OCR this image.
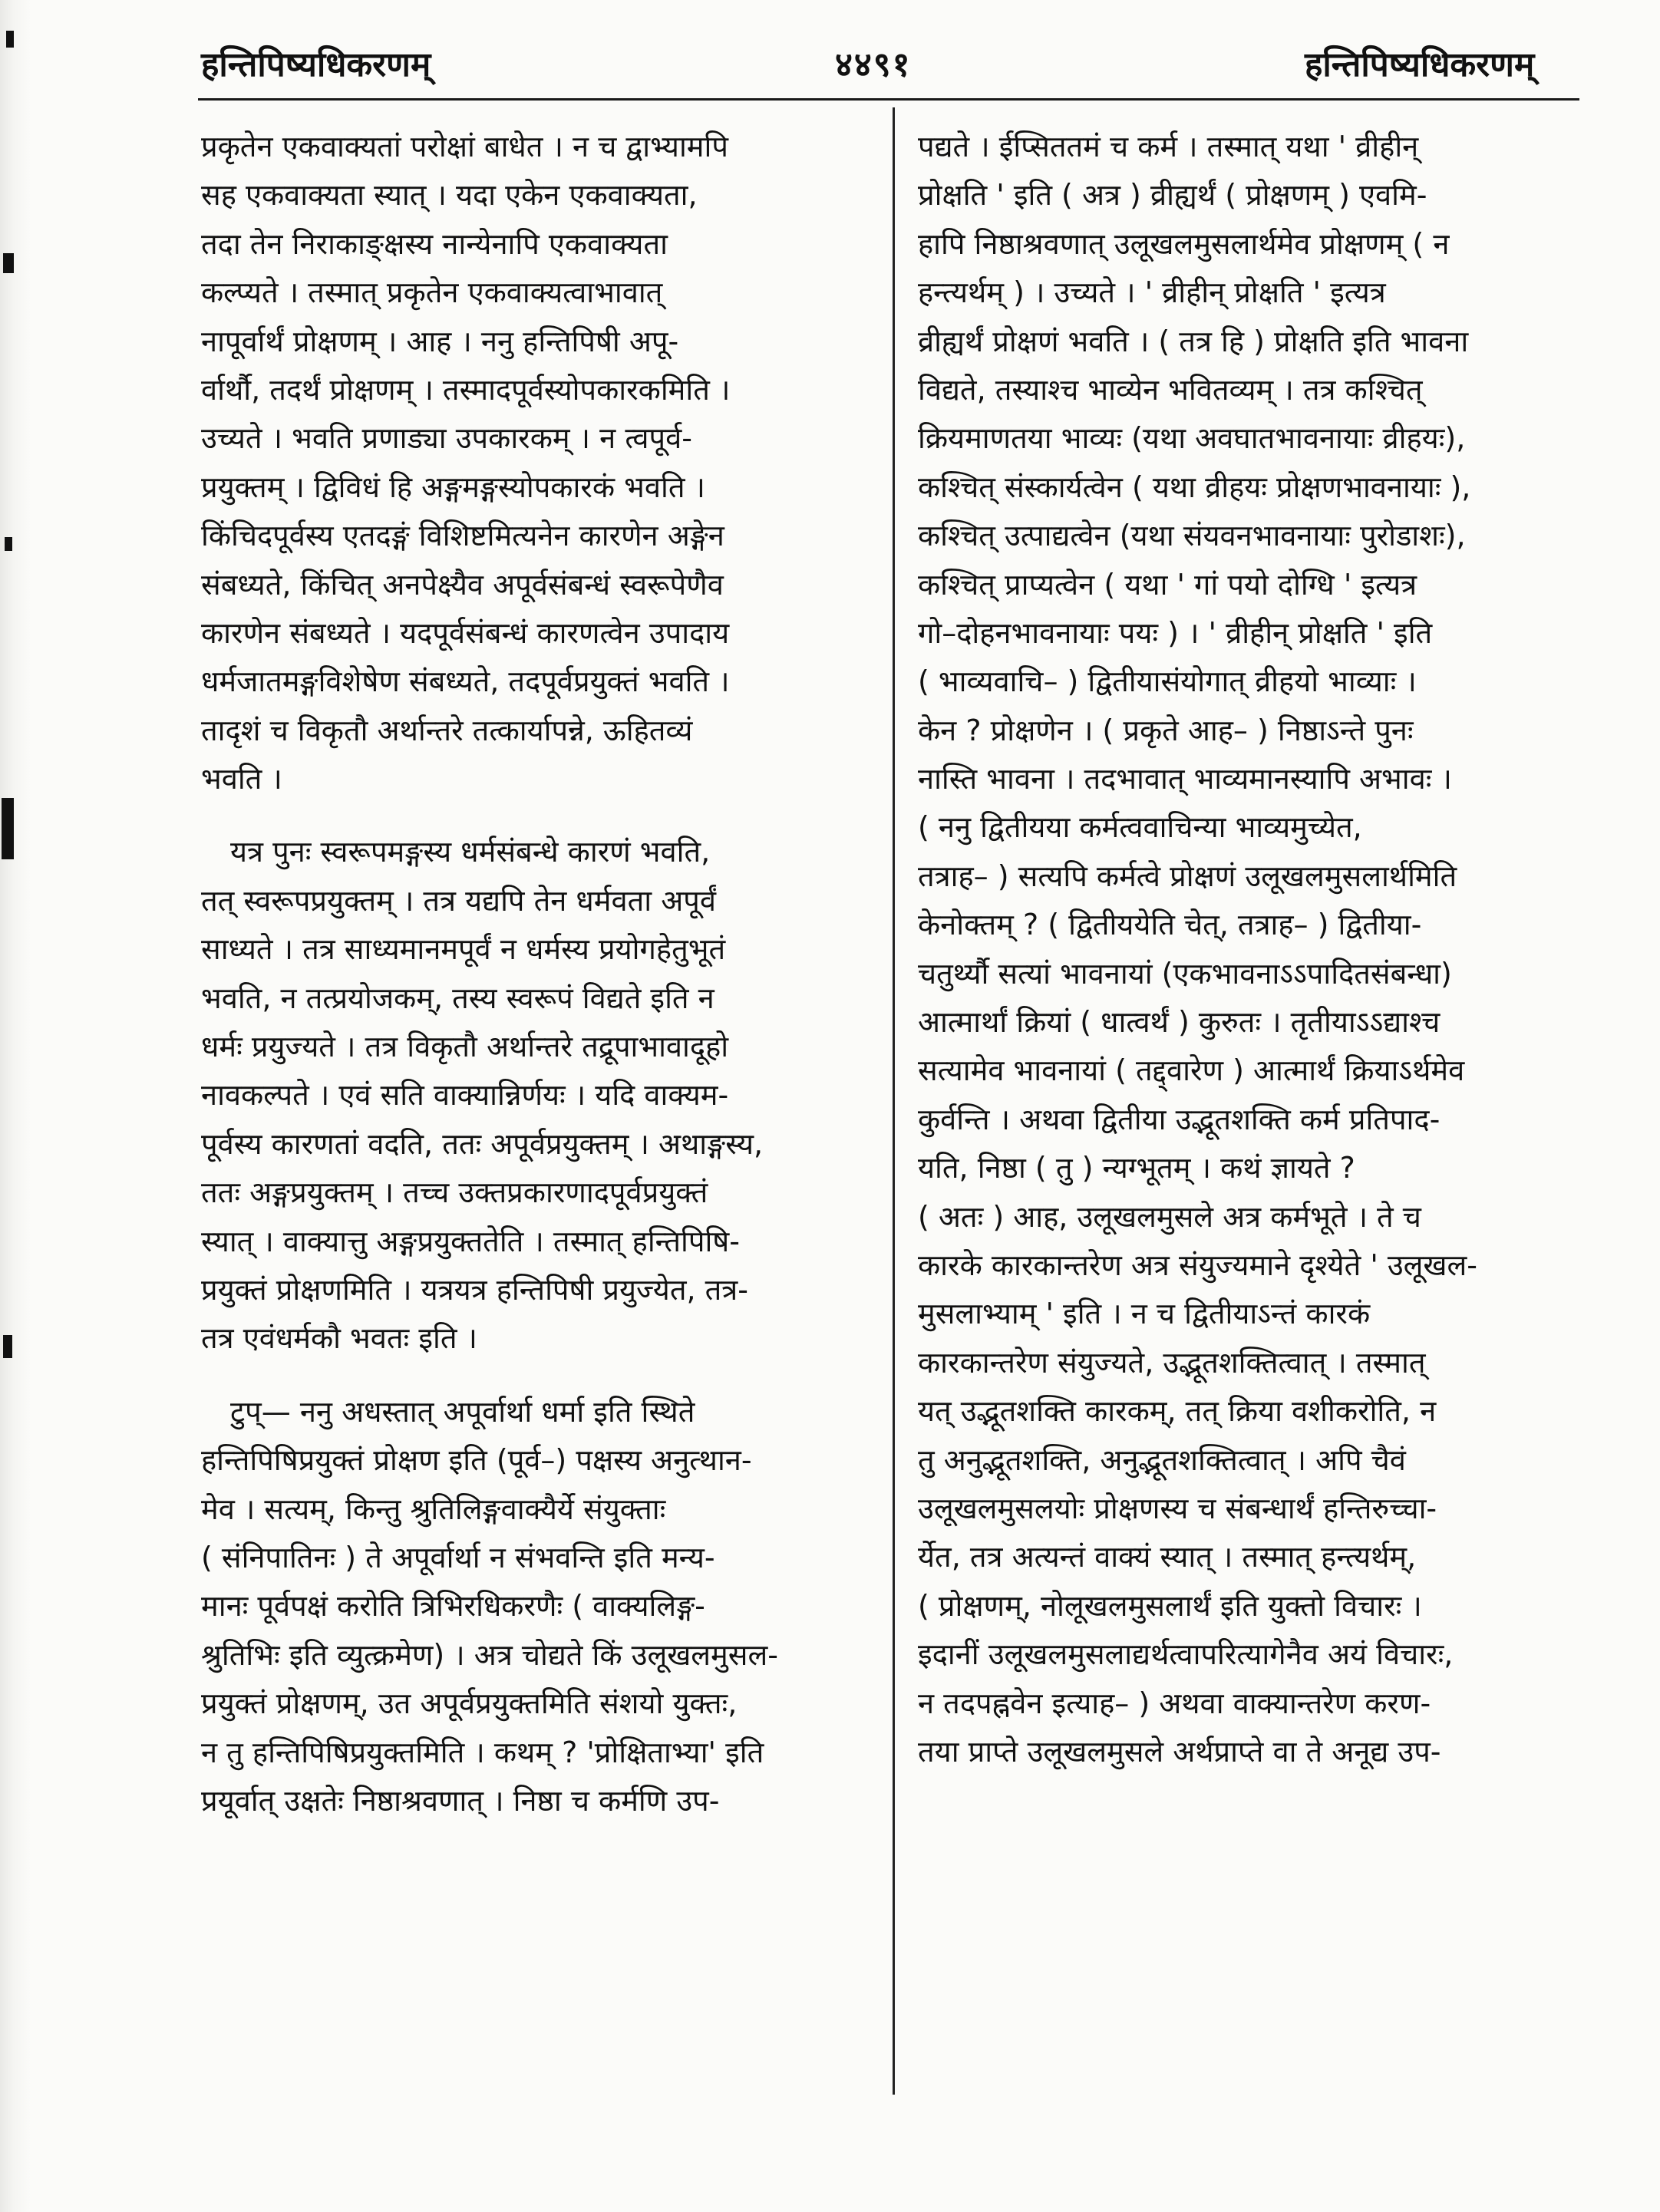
हन्तिपिष्यधिकरणम्	४४९१	हन्तिपिष्यधिकरणम्
प्रकृतेन एकवाक्यतां परोक्षां बाधेत । न च द्वाभ्यामपि
सह एकवाक्यता स्यात् । यदा एकेन एकवाक्यता,
तदा तेन निराकाङ्क्षस्य नान्येनापि एकवाक्यता
कल्प्यते । तस्मात् प्रकृतेन एकवाक्यत्वाभावात्
नापूर्वार्थं प्रोक्षणम् । आह । ननु हन्तिपिषी अपू-
र्वार्थौ, तदर्थं प्रोक्षणम् । तस्मादपूर्वस्योपकारकमिति ।
उच्यते । भवति प्रणाड्या उपकारकम् । न त्वपूर्व-
प्रयुक्तम् । द्विविधं हि अङ्गमङ्गस्योपकारकं भवति ।
किंचिदपूर्वस्य एतदङ्गं विशिष्टमित्यनेन कारणेन अङ्गेन
संबध्यते, किंचित् अनपेक्ष्यैव अपूर्वसंबन्धं स्वरूपेणैव
कारणेन संबध्यते । यदपूर्वसंबन्धं कारणत्वेन उपादाय
धर्मजातमङ्गविशेषेण संबध्यते, तदपूर्वप्रयुक्तं भवति ।
तादृशं च विकृतौ अर्थान्तरे तत्कार्यापन्ने, ऊहितव्यं
भवति ।
यत्र पुनः स्वरूपमङ्गस्य धर्मसंबन्धे कारणं भवति,
तत् स्वरूपप्रयुक्तम् । तत्र यद्यपि तेन धर्मवता अपूर्वं
साध्यते । तत्र साध्यमानमपूर्वं न धर्मस्य प्रयोगहेतुभूतं
भवति, न तत्प्रयोजकम्, तस्य स्वरूपं विद्यते इति न
धर्मः प्रयुज्यते । तत्र विकृतौ अर्थान्तरे तद्रूपाभावादूहो
नावकल्पते । एवं सति वाक्यान्निर्णयः । यदि वाक्यम-
पूर्वस्य कारणतां वदति, ततः अपूर्वप्रयुक्तम् । अथाङ्गस्य,
ततः अङ्गप्रयुक्तम् । तच्च उक्तप्रकारणादपूर्वप्रयुक्तं
स्यात् । वाक्यात्तु अङ्गप्रयुक्ततेति । तस्मात् हन्तिपिषि-
प्रयुक्तं प्रोक्षणमिति । यत्रयत्र हन्तिपिषी प्रयुज्येत, तत्र-
तत्र एवंधर्मकौ भवतः इति ।
टुप्— ननु अधस्तात् अपूर्वार्था धर्मा इति स्थिते
हन्तिपिषिप्रयुक्तं प्रोक्षण इति (पूर्व–) पक्षस्य अनुत्थान-
मेव । सत्यम्, किन्तु श्रुतिलिङ्गवाक्यैर्ये संयुक्ताः
( संनिपातिनः ) ते अपूर्वार्था न संभवन्ति इति मन्य-
मानः पूर्वपक्षं करोति त्रिभिरधिकरणैः ( वाक्यलिङ्ग-
श्रुतिभिः इति व्युत्क्रमेण) । अत्र चोद्यते किं उलूखलमुसल-
प्रयुक्तं प्रोक्षणम्, उत अपूर्वप्रयुक्तमिति संशयो युक्तः,
न तु हन्तिपिषिप्रयुक्तमिति । कथम् ? 'प्रोक्षिताभ्या' इति
प्रयूर्वात् उक्षतेः निष्ठाश्रवणात् । निष्ठा च कर्मणि उप-
पद्यते । ईप्सिततमं च कर्म । तस्मात् यथा ' व्रीहीन्
प्रोक्षति ' इति ( अत्र ) व्रीह्यर्थं ( प्रोक्षणम् ) एवमि-
हापि निष्ठाश्रवणात् उलूखलमुसलार्थमेव प्रोक्षणम् ( न
हन्त्यर्थम् ) । उच्यते । ' व्रीहीन् प्रोक्षति ' इत्यत्र
व्रीह्यर्थं प्रोक्षणं भवति । ( तत्र हि ) प्रोक्षति इति भावना
विद्यते, तस्याश्च भाव्येन भवितव्यम् । तत्र कश्चित्
क्रियमाणतया भाव्यः (यथा अवघातभावनायाः व्रीहयः),
कश्चित् संस्कार्यत्वेन ( यथा व्रीहयः प्रोक्षणभावनायाः ),
कश्चित् उत्पाद्यत्वेन (यथा संयवनभावनायाः पुरोडाशः),
कश्चित् प्राप्यत्वेन ( यथा ' गां पयो दोग्धि ' इत्यत्र
गो–दोहनभावनायाः पयः ) । ' व्रीहीन् प्रोक्षति ' इति
( भाव्यवाचि– ) द्वितीयासंयोगात् व्रीहयो भाव्याः ।
केन ? प्रोक्षणेन । ( प्रकृते आह– ) निष्ठाऽन्ते पुनः
नास्ति भावना । तदभावात् भाव्यमानस्यापि अभावः ।
( ननु द्वितीयया कर्मत्ववाचिन्या भाव्यमुच्येत,
तत्राह– ) सत्यपि कर्मत्वे प्रोक्षणं उलूखलमुसलार्थमिति
केनोक्तम् ? ( द्वितीययेति चेत्, तत्राह– ) द्वितीया-
चतुर्थ्यौ सत्यां भावनायां (एकभावनाऽऽपादितसंबन्धा)
आत्मार्थां क्रियां ( धात्वर्थं ) कुरुतः । तृतीयाऽऽद्याश्च
सत्यामेव भावनायां ( तद्द्वारेण ) आत्मार्थं क्रियाऽर्थमेव
कुर्वन्ति । अथवा द्वितीया उद्भूतशक्ति कर्म प्रतिपाद-
यति, निष्ठा ( तु ) न्यग्भूतम् । कथं ज्ञायते ?
( अतः ) आह, उलूखलमुसले अत्र कर्मभूते । ते च
कारके कारकान्तरेण अत्र संयुज्यमाने दृश्येते ' उलूखल-
मुसलाभ्याम् ' इति । न च द्वितीयाऽन्तं कारकं
कारकान्तरेण संयुज्यते, उद्भूतशक्तित्वात् । तस्मात्
यत् उद्भूतशक्ति कारकम्, तत् क्रिया वशीकरोति, न
तु अनुद्भूतशक्ति, अनुद्भूतशक्तित्वात् । अपि चैवं
उलूखलमुसलयोः प्रोक्षणस्य च संबन्धार्थं हन्तिरुच्चा-
र्येत, तत्र अत्यन्तं वाक्यं स्यात् । तस्मात् हन्त्यर्थम्,
( प्रोक्षणम्, नोलूखलमुसलार्थं इति युक्तो विचारः ।
इदानीं उलूखलमुसलाद्यर्थत्वापरित्यागेनैव अयं विचारः,
न तदपह्नवेन इत्याह– ) अथवा वाक्यान्तरेण करण-
तया प्राप्ते उलूखलमुसले अर्थप्राप्ते वा ते अनूद्य उप-
